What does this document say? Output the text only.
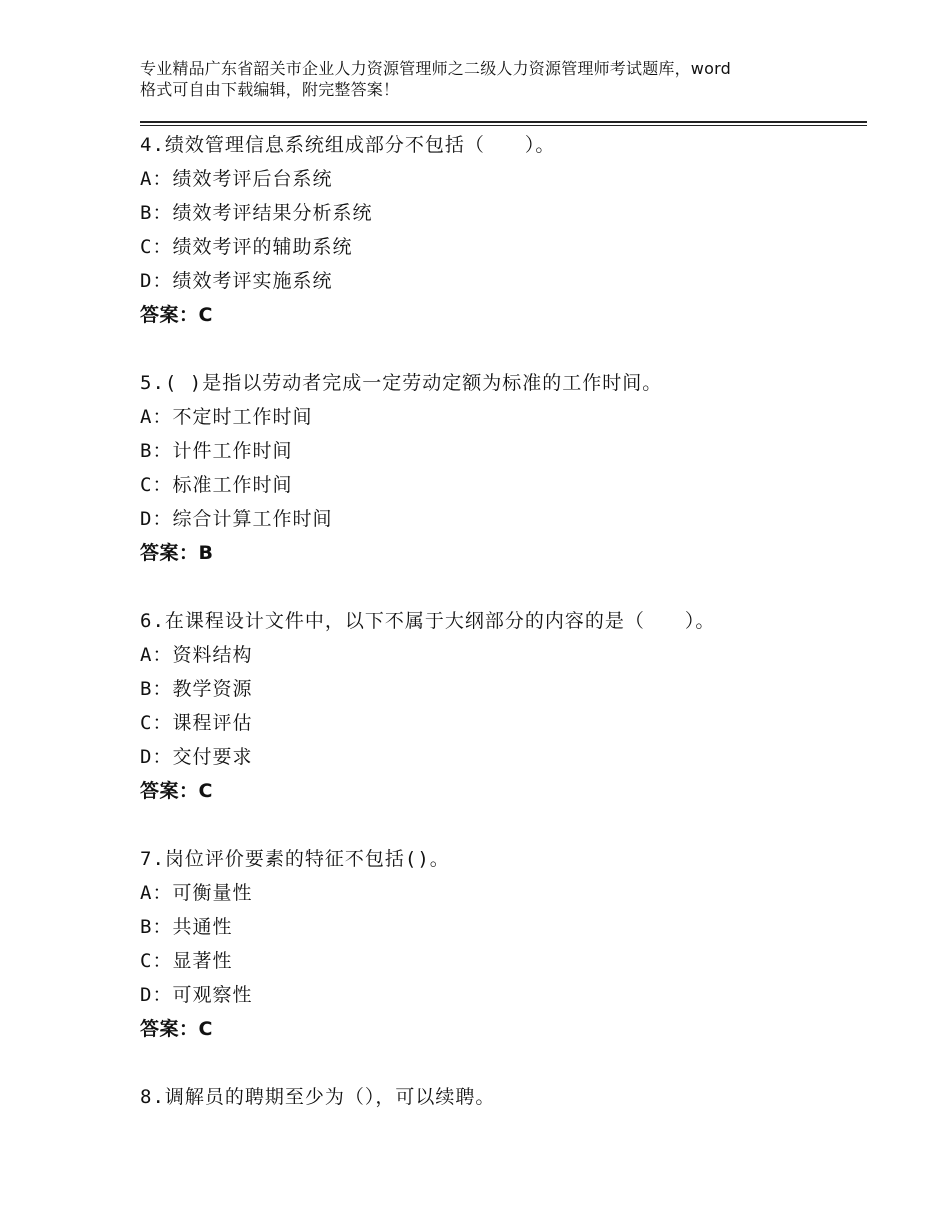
专业精品广东省韶关市企业人力资源管理师之二级人力资源管理师考试题库，word
格式可自由下载编辑，附完整答案！
4.绩效管理信息系统组成部分不包括（　　）。
A：绩效考评后台系统
B：绩效考评结果分析系统
C：绩效考评的辅助系统
D：绩效考评实施系统
答案：C
5.( )是指以劳动者完成一定劳动定额为标准的工作时间。
A：不定时工作时间
B：计件工作时间
C：标准工作时间
D：综合计算工作时间
答案：B
6.在课程设计文件中，以下不属于大纲部分的内容的是（　　）。
A：资料结构
B：教学资源
C：课程评估
D：交付要求
答案：C
7.岗位评价要素的特征不包括()。
A：可衡量性
B：共通性
C：显著性
D：可观察性
答案：C
8.调解员的聘期至少为（），可以续聘。
